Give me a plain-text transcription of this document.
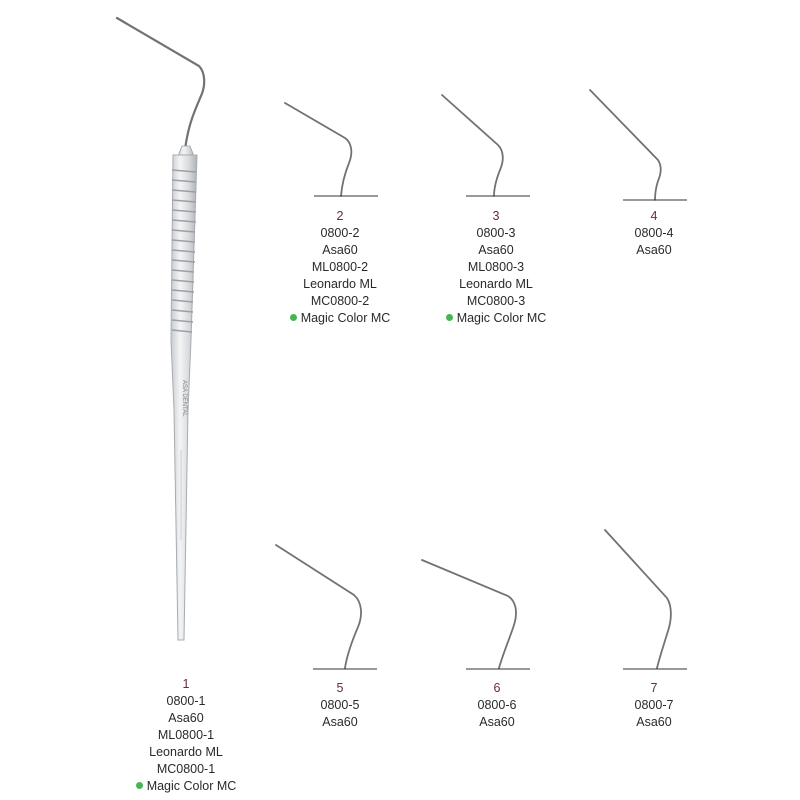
ASA DENTAL
1
0800-1
Asa60
ML0800-1
Leonardo ML
MC0800-1
Magic Color MC
2
0800-2
Asa60
ML0800-2
Leonardo ML
MC0800-2
Magic Color MC
3
0800-3
Asa60
ML0800-3
Leonardo ML
MC0800-3
Magic Color MC
4
0800-4
Asa60
5
0800-5
Asa60
6
0800-6
Asa60
7
0800-7
Asa60
